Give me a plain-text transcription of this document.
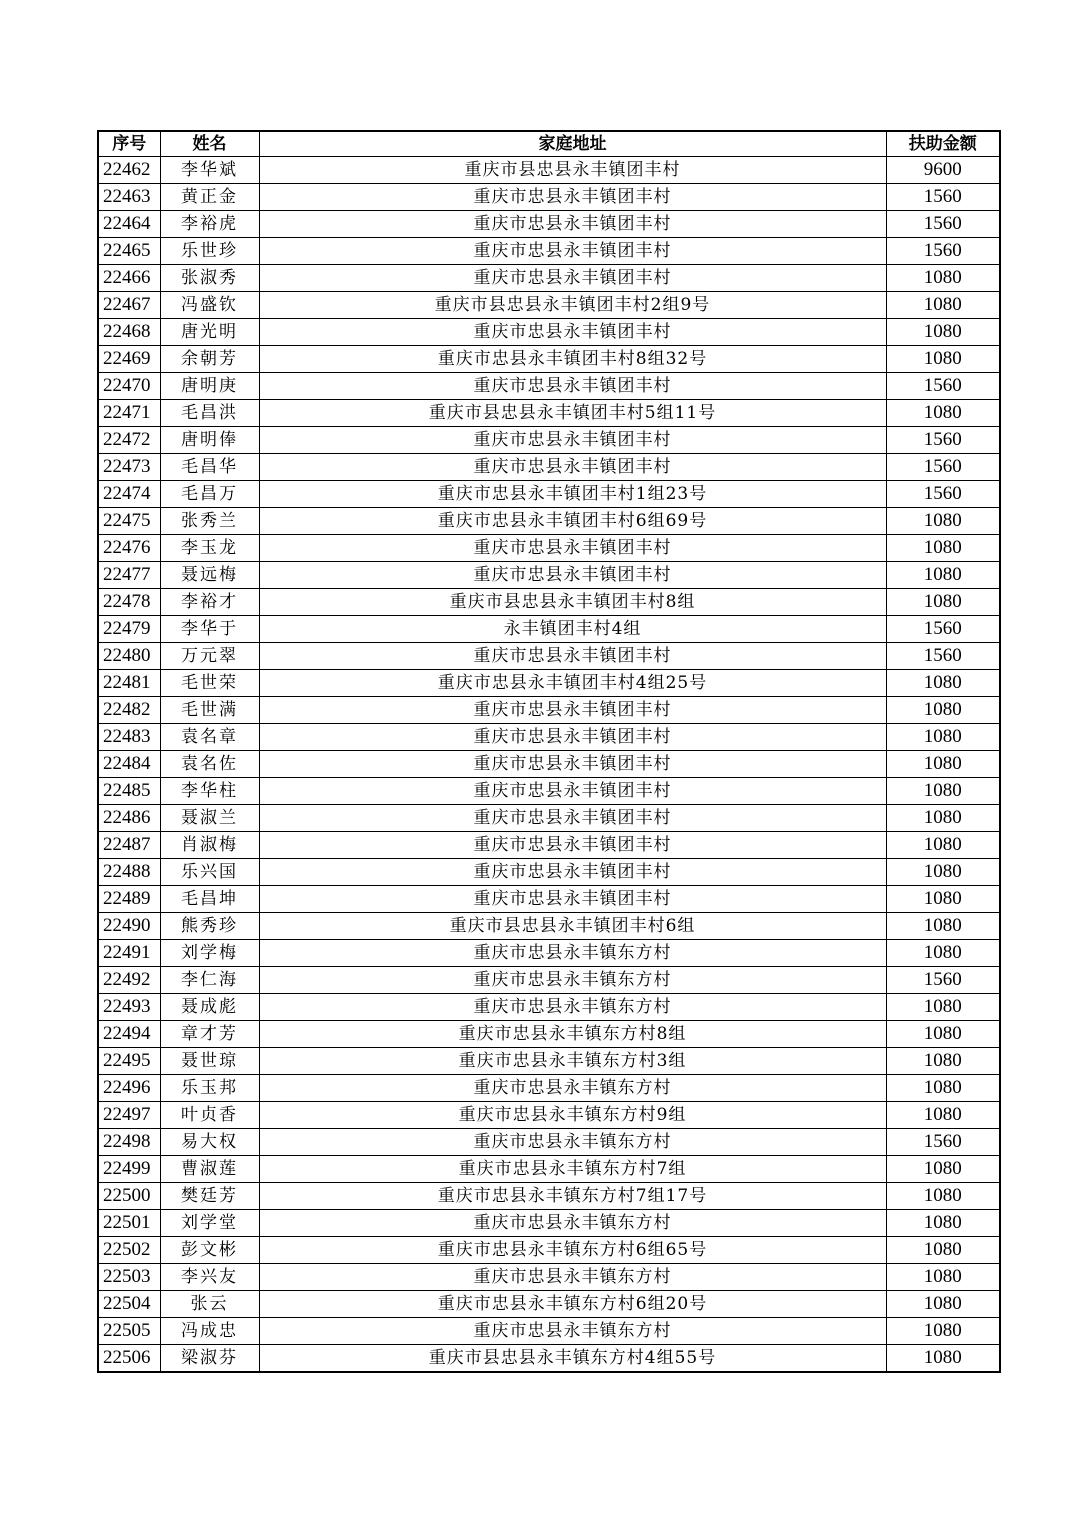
序号	姓名	家庭地址	扶助金额
22462	李华斌	重庆市县忠县永丰镇团丰村	9600
22463	黄正金	重庆市忠县永丰镇团丰村	1560
22464	李裕虎	重庆市忠县永丰镇团丰村	1560
22465	乐世珍	重庆市忠县永丰镇团丰村	1560
22466	张淑秀	重庆市忠县永丰镇团丰村	1080
22467	冯盛钦	重庆市县忠县永丰镇团丰村2组9号	1080
22468	唐光明	重庆市忠县永丰镇团丰村	1080
22469	余朝芳	重庆市忠县永丰镇团丰村8组32号	1080
22470	唐明庚	重庆市忠县永丰镇团丰村	1560
22471	毛昌洪	重庆市县忠县永丰镇团丰村5组11号	1080
22472	唐明俸	重庆市忠县永丰镇团丰村	1560
22473	毛昌华	重庆市忠县永丰镇团丰村	1560
22474	毛昌万	重庆市忠县永丰镇团丰村1组23号	1560
22475	张秀兰	重庆市忠县永丰镇团丰村6组69号	1080
22476	李玉龙	重庆市忠县永丰镇团丰村	1080
22477	聂远梅	重庆市忠县永丰镇团丰村	1080
22478	李裕才	重庆市县忠县永丰镇团丰村8组	1080
22479	李华于	永丰镇团丰村4组	1560
22480	万元翠	重庆市忠县永丰镇团丰村	1560
22481	毛世荣	重庆市忠县永丰镇团丰村4组25号	1080
22482	毛世满	重庆市忠县永丰镇团丰村	1080
22483	袁名章	重庆市忠县永丰镇团丰村	1080
22484	袁名佐	重庆市忠县永丰镇团丰村	1080
22485	李华柱	重庆市忠县永丰镇团丰村	1080
22486	聂淑兰	重庆市忠县永丰镇团丰村	1080
22487	肖淑梅	重庆市忠县永丰镇团丰村	1080
22488	乐兴国	重庆市忠县永丰镇团丰村	1080
22489	毛昌坤	重庆市忠县永丰镇团丰村	1080
22490	熊秀珍	重庆市县忠县永丰镇团丰村6组	1080
22491	刘学梅	重庆市忠县永丰镇东方村	1080
22492	李仁海	重庆市忠县永丰镇东方村	1560
22493	聂成彪	重庆市忠县永丰镇东方村	1080
22494	章才芳	重庆市忠县永丰镇东方村8组	1080
22495	聂世琼	重庆市忠县永丰镇东方村3组	1080
22496	乐玉邦	重庆市忠县永丰镇东方村	1080
22497	叶贞香	重庆市忠县永丰镇东方村9组	1080
22498	易大权	重庆市忠县永丰镇东方村	1560
22499	曹淑莲	重庆市忠县永丰镇东方村7组	1080
22500	樊廷芳	重庆市忠县永丰镇东方村7组17号	1080
22501	刘学堂	重庆市忠县永丰镇东方村	1080
22502	彭文彬	重庆市忠县永丰镇东方村6组65号	1080
22503	李兴友	重庆市忠县永丰镇东方村	1080
22504	张云	重庆市忠县永丰镇东方村6组20号	1080
22505	冯成忠	重庆市忠县永丰镇东方村	1080
22506	梁淑芬	重庆市县忠县永丰镇东方村4组55号	1080
